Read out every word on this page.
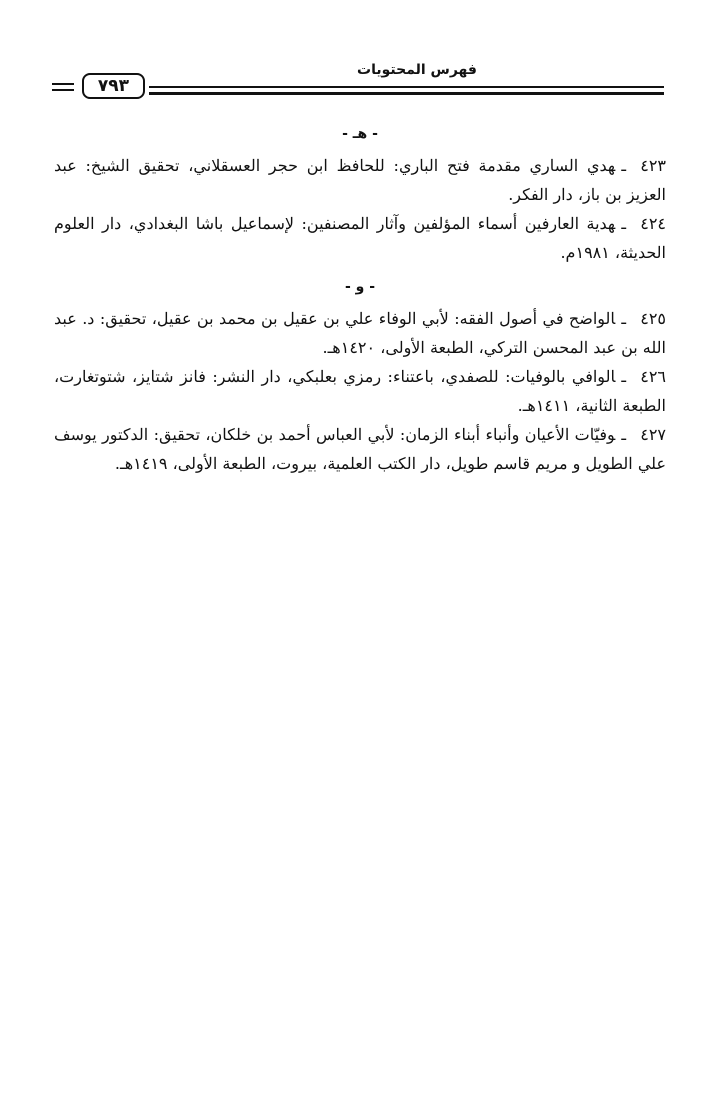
فهرس المحتويات
٧٩٣
- هـ -

٤٢٣ـهدي الساري مقدمة فتح الباري: للحافظ ابن حجر العسقلاني، تحقيق الشيخ: عبد العزيز بن باز، دار الفكر.

٤٢٤ـهدية العارفين أسماء المؤلفين وآثار المصنفين: لإسماعيل باشا البغدادي، دار العلوم الحديثة، ١٩٨١م.

- و -

٤٢٥ـالواضح في أصول الفقه: لأبي الوفاء علي بن عقيل بن محمد بن عقيل، تحقيق: د. عبد الله بن عبد المحسن التركي، الطبعة الأولى، ١٤٢٠هـ.

٤٢٦ـالوافي بالوفيات: للصفدي، باعتناء: رمزي بعلبكي، دار النشر: فانز شتايز، شتوتغارت، الطبعة الثانية، ١٤١١هـ.

٤٢٧ـوفيّات الأعيان وأنباء أبناء الزمان: لأبي العباس أحمد بن خلكان، تحقيق: الدكتور يوسف علي الطويل و مريم قاسم طويل، دار الكتب العلمية، بيروت، الطبعة الأولى، ١٤١٩هـ.
